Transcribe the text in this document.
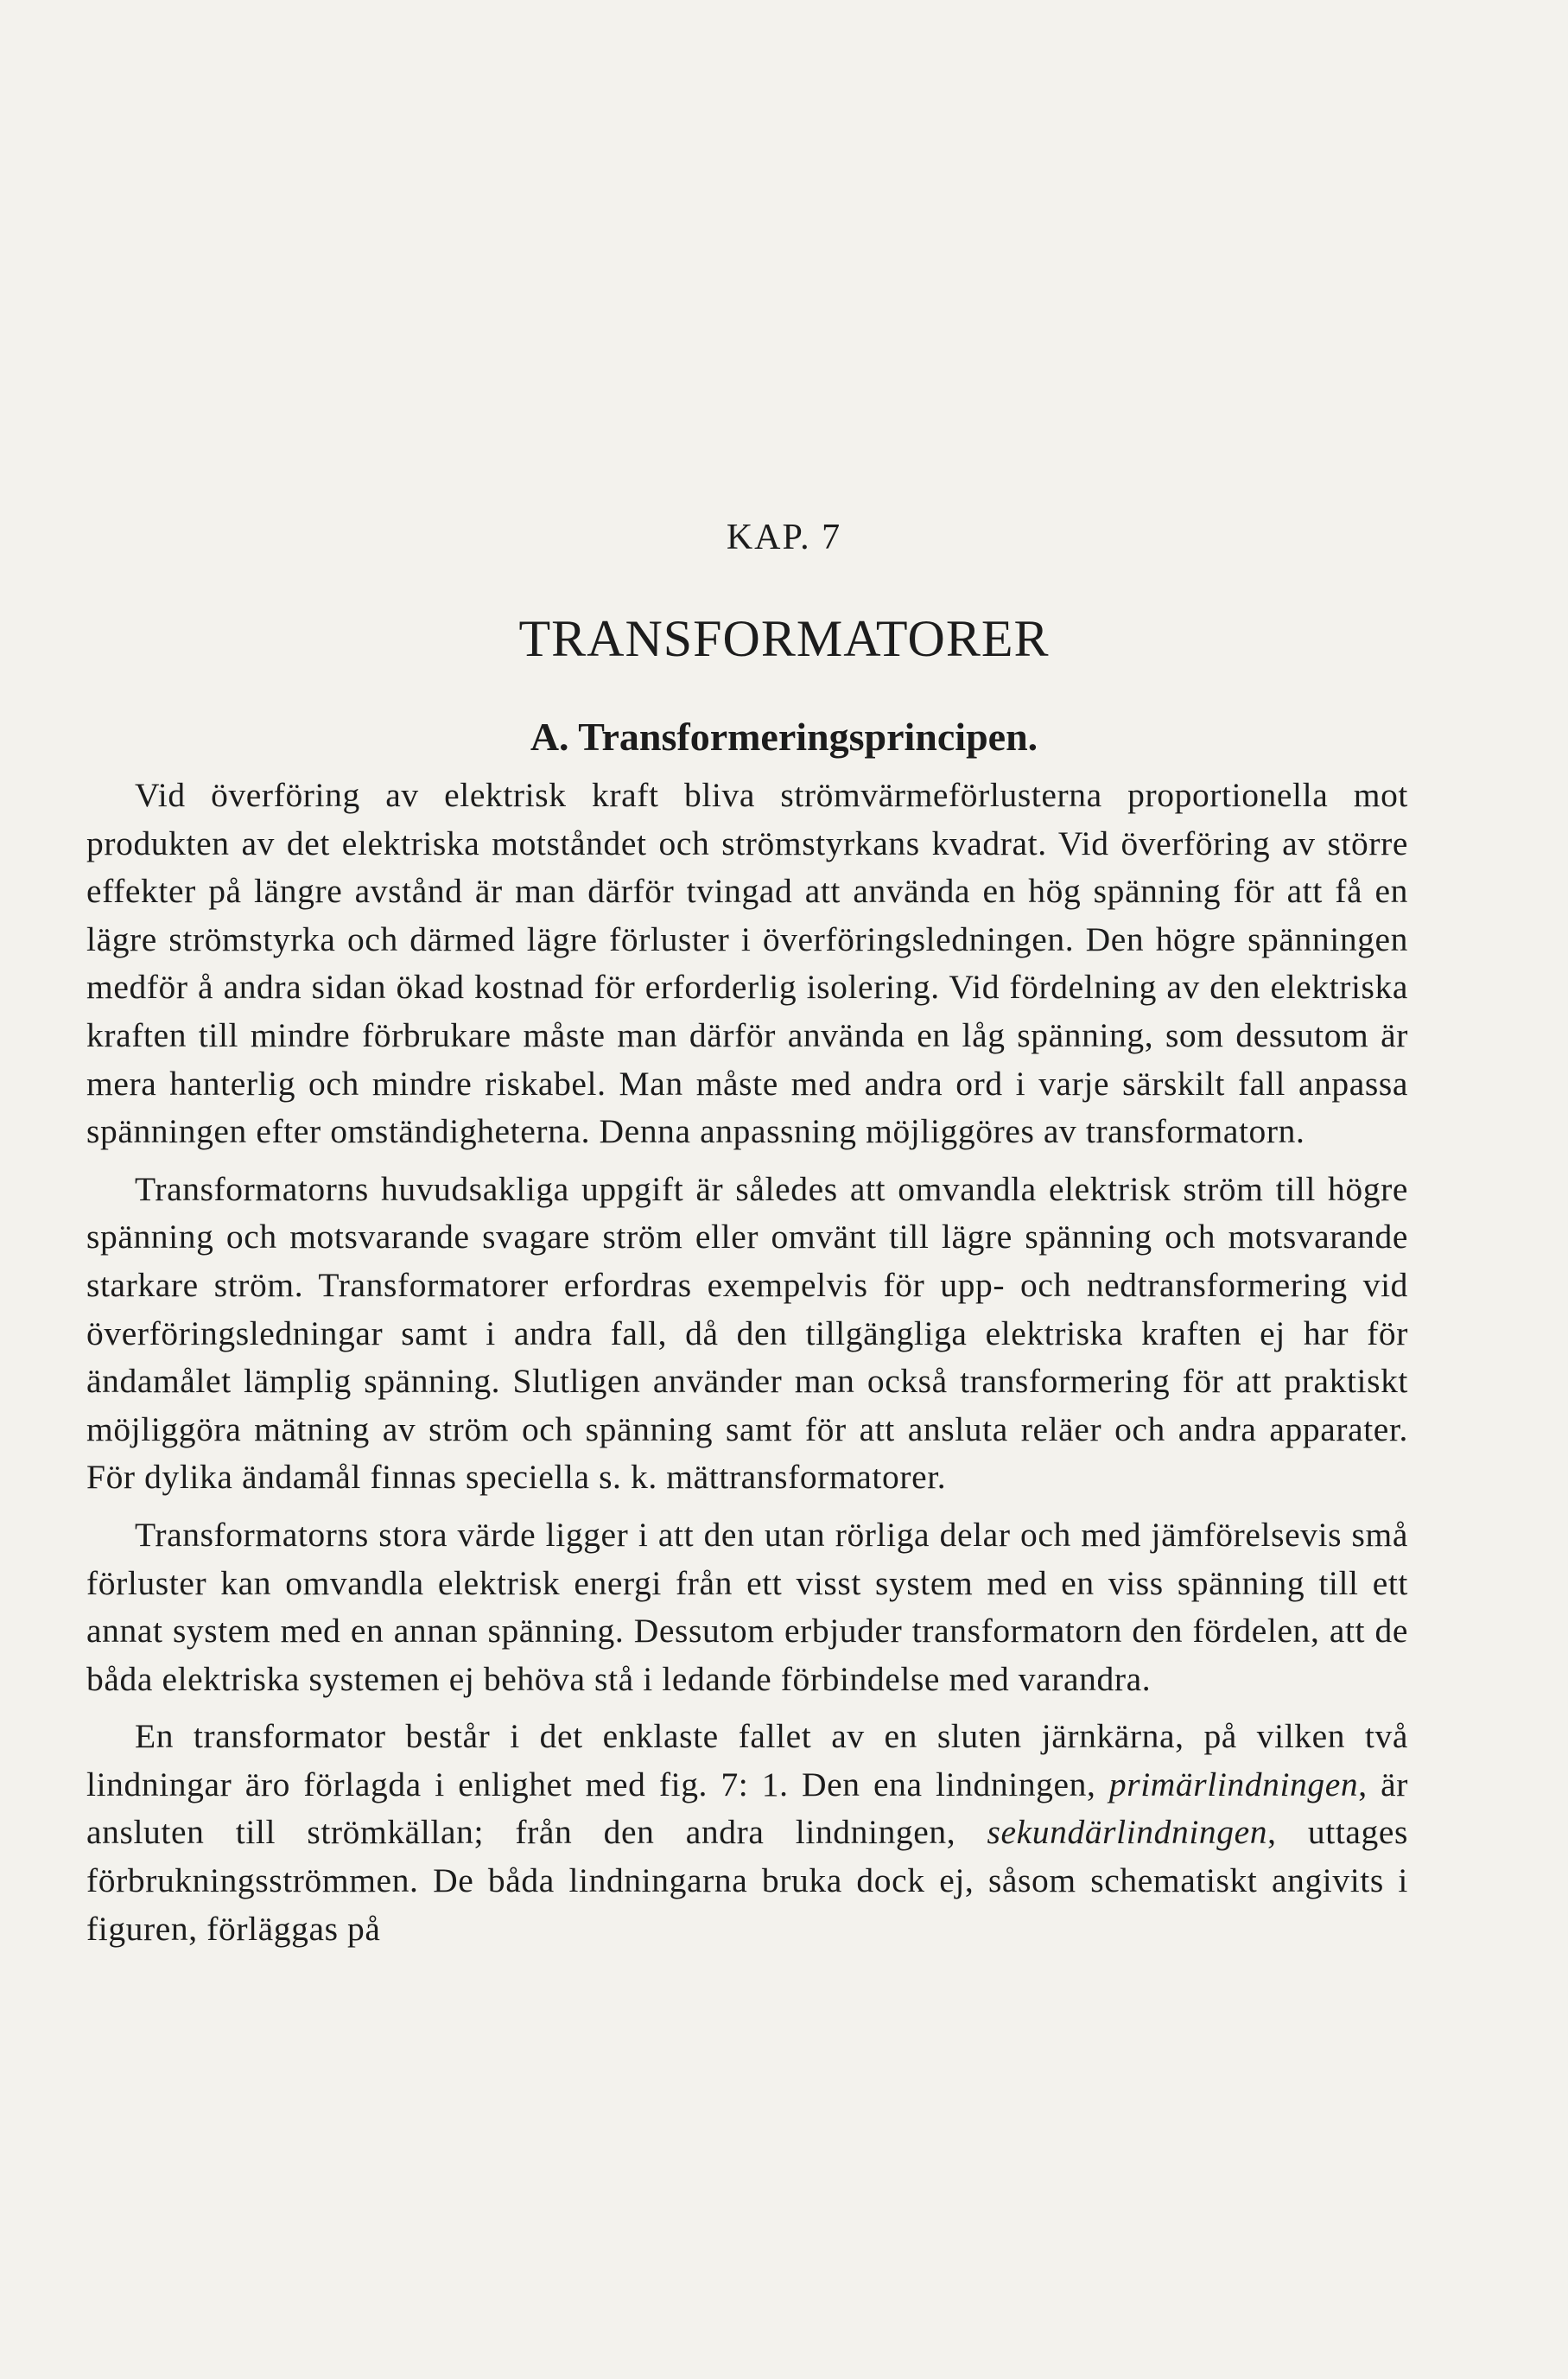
KAP. 7
TRANSFORMATORER
A. Transformeringsprincipen.

Vid överföring av elektrisk kraft bliva strömvärmeförlusterna proportionella mot produkten av det elektriska motståndet och strömstyrkans kvadrat. Vid överföring av större effekter på längre avstånd är man därför tvingad att använda en hög spänning för att få en lägre strömstyrka och därmed lägre förluster i överföringsledningen. Den högre spänningen medför å andra sidan ökad kostnad för erforderlig isolering. Vid fördelning av den elektriska kraften till mindre förbrukare måste man därför använda en låg spänning, som dessutom är mera hanterlig och mindre riskabel. Man måste med andra ord i varje särskilt fall anpassa spänningen efter omständigheterna. Denna anpassning möjliggöres av transformatorn.

Transformatorns huvudsakliga uppgift är således att omvandla elektrisk ström till högre spänning och motsvarande svagare ström eller omvänt till lägre spänning och motsvarande starkare ström. Transformatorer erfordras exempelvis för upp- och nedtransformering vid överföringsledningar samt i andra fall, då den tillgängliga elektriska kraften ej har för ändamålet lämplig spänning. Slutligen använder man också transformering för att praktiskt möjliggöra mätning av ström och spänning samt för att ansluta reläer och andra apparater. För dylika ändamål finnas speciella s. k. mättransformatorer.

Transformatorns stora värde ligger i att den utan rörliga delar och med jämförelsevis små förluster kan omvandla elektrisk energi från ett visst system med en viss spänning till ett annat system med en annan spänning. Dessutom erbjuder transformatorn den fördelen, att de båda elektriska systemen ej behöva stå i ledande förbindelse med varandra.

En transformator består i det enklaste fallet av en sluten järnkärna, på vilken två lindningar äro förlagda i enlighet med fig. 7: 1. Den ena lindningen, primärlindningen, är ansluten till strömkällan; från den andra lindningen, sekundärlindningen, uttages förbrukningsströmmen. De båda lindningarna bruka dock ej, såsom schematiskt angivits i figuren, förläggas på
